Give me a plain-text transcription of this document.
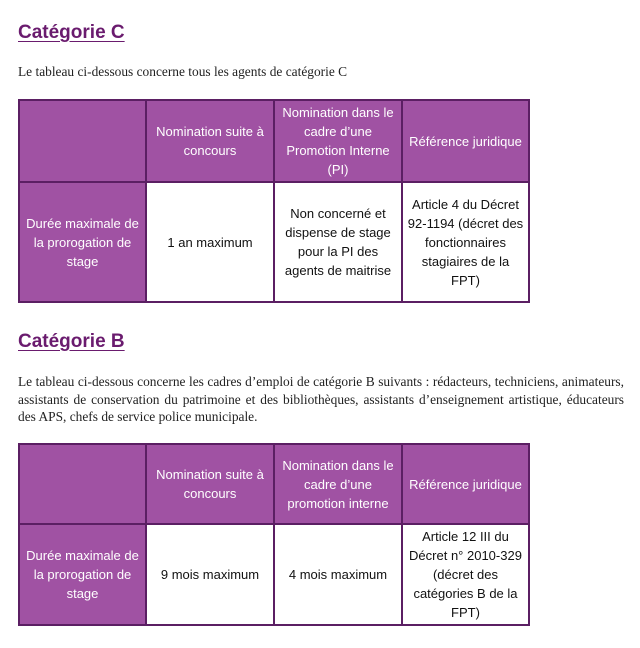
Catégorie C

Le tableau ci-dessous concerne tous les agents de catégorie C

	Nomination suite à concours	Nomination dans le cadre d’une Promotion Interne (PI)	Référence juridique
Durée maximale de la prorogation de stage	1 an maximum	Non concerné et dispense de stage pour la PI des agents de maitrise	Article 4 du Décret 92-1194 (décret des fonctionnaires stagiaires de la FPT)
Catégorie B

Le tableau ci-dessous concerne les cadres d’emploi de catégorie B suivants : rédacteurs, techniciens, animateurs, assistants de conservation du patrimoine et des bibliothèques, assistants d’enseignement artistique, éducateurs des APS, chefs de service police municipale.

	Nomination suite à concours	Nomination dans le cadre d’une promotion interne	Référence juridique
Durée maximale de la prorogation de stage	9 mois maximum	4 mois maximum	Article 12 III du Décret n° 2010-329 (décret des catégories B de la FPT)
